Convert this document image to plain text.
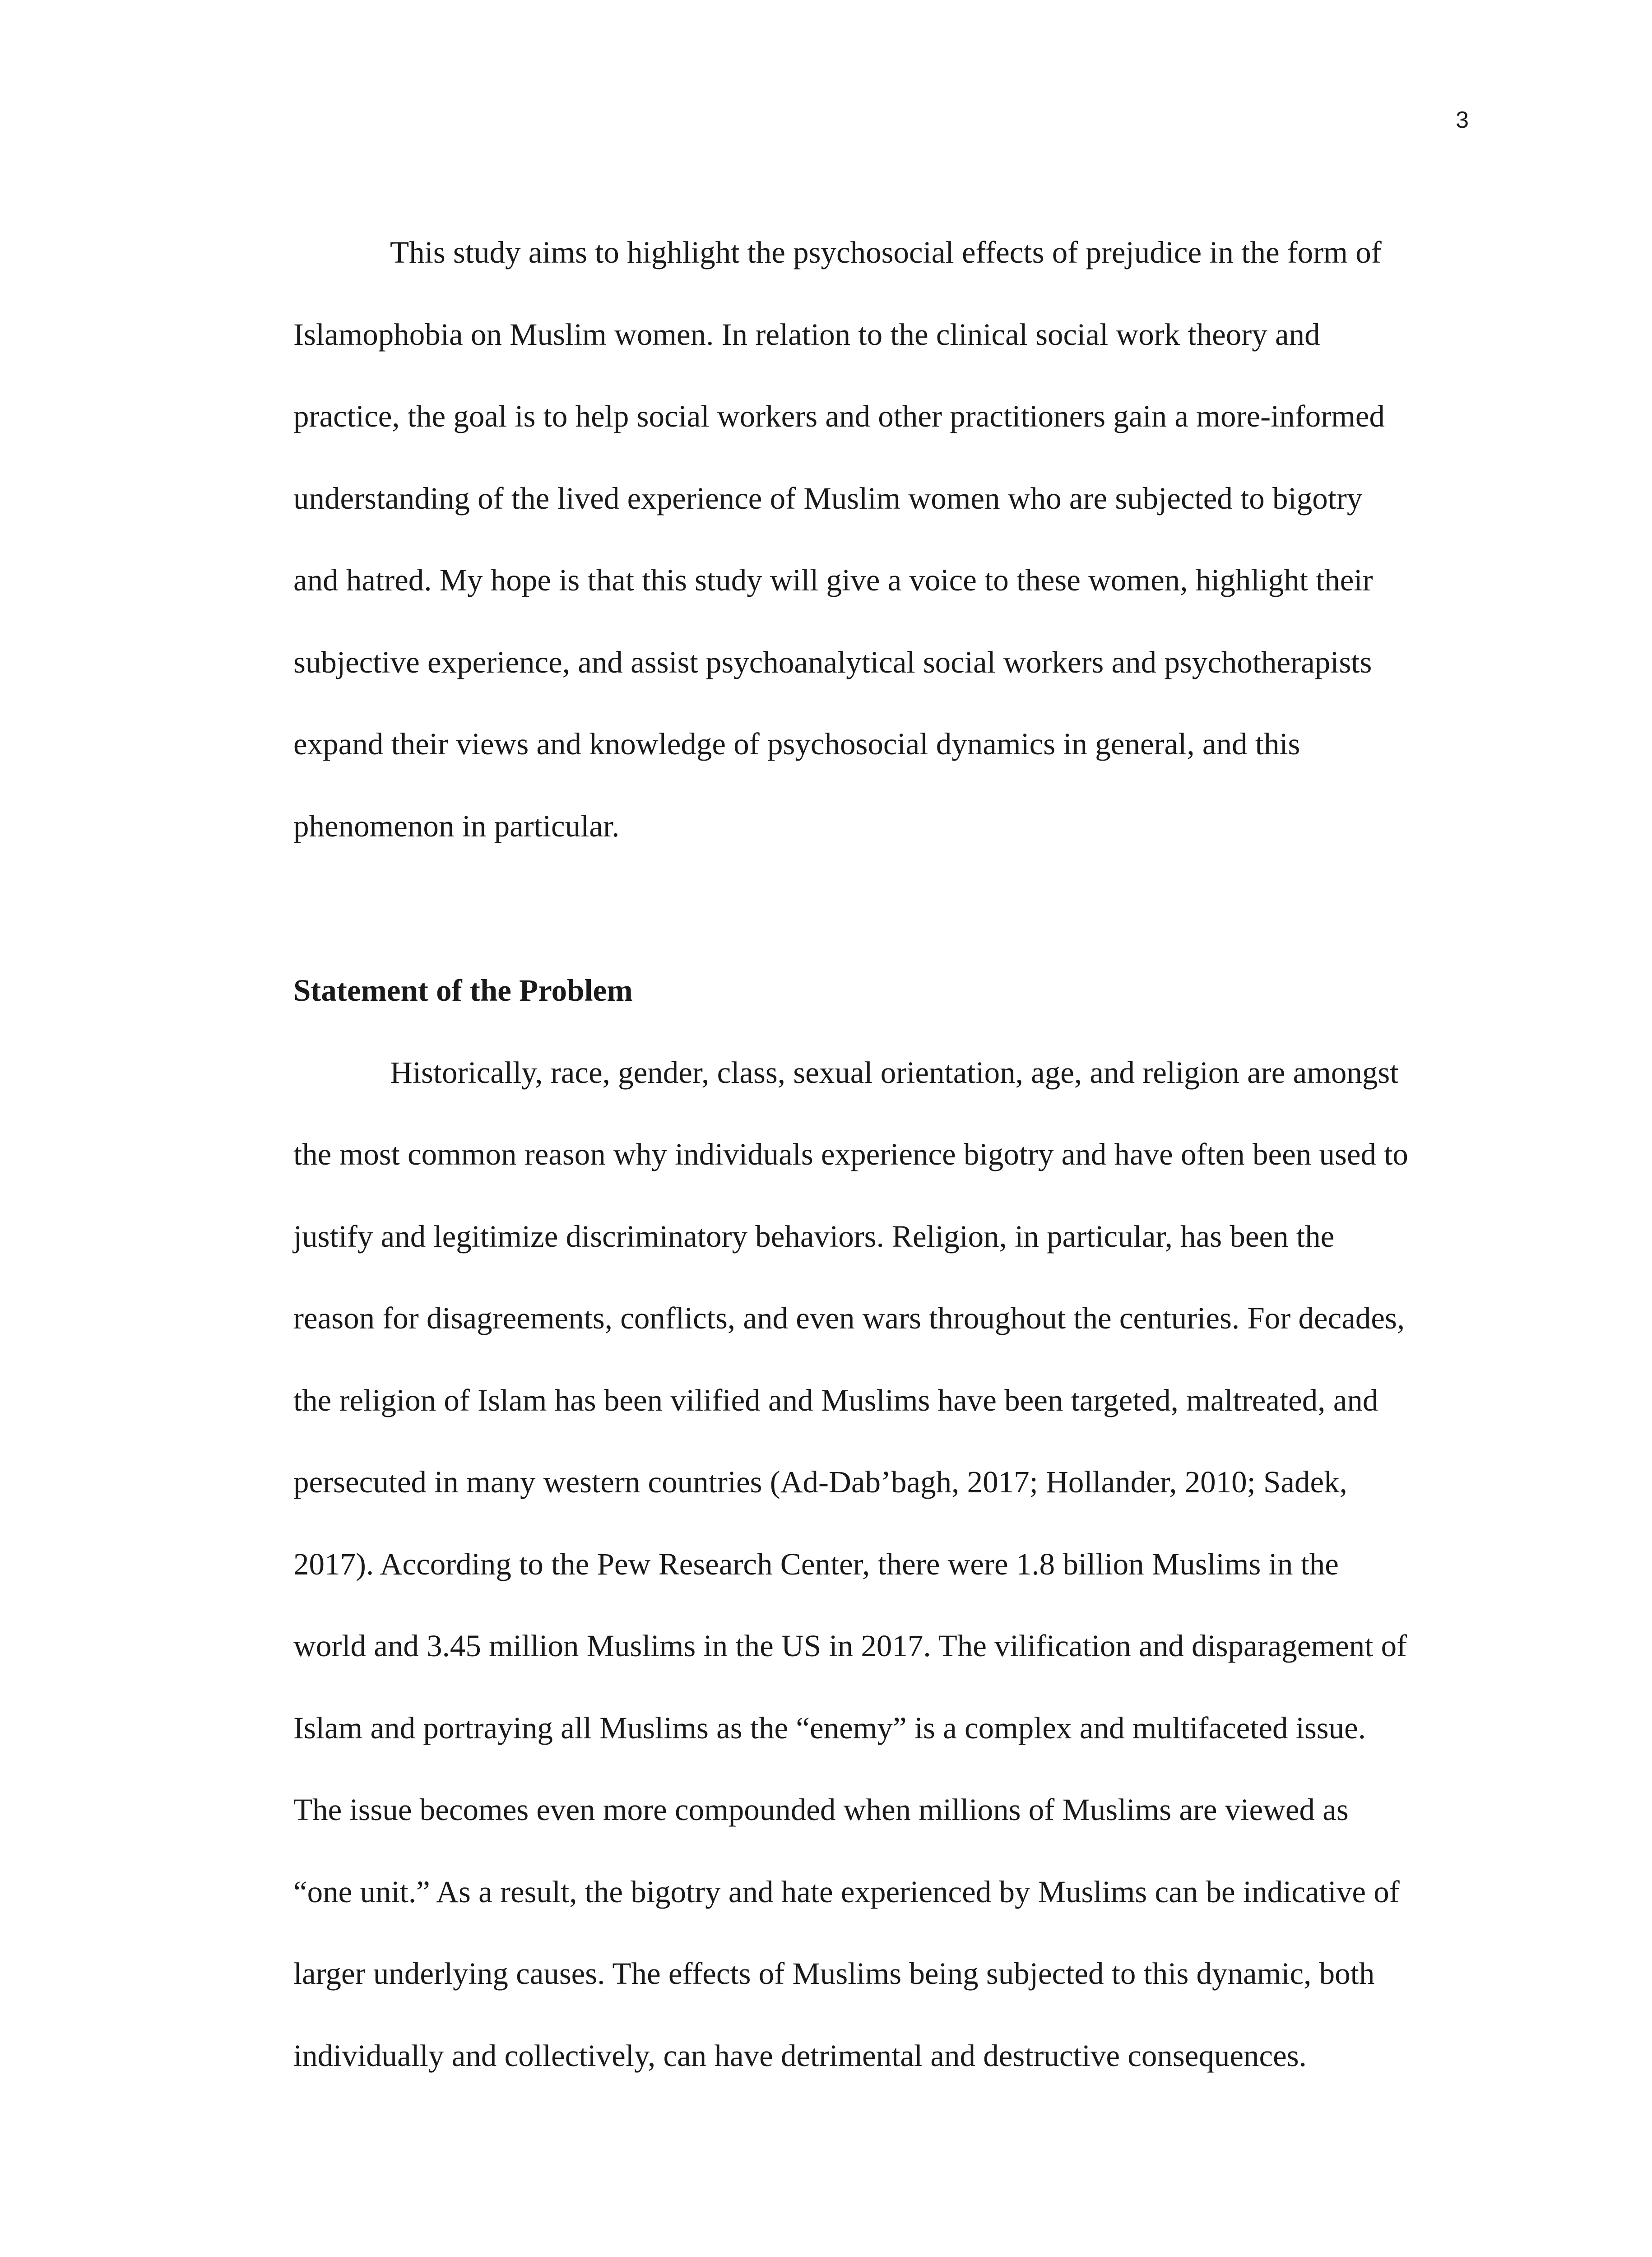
3
This study aims to highlight the psychosocial effects of prejudice in the form of
Islamophobia on Muslim women. In relation to the clinical social work theory and
practice, the goal is to help social workers and other practitioners gain a more-informed
understanding of the lived experience of Muslim women who are subjected to bigotry
and hatred. My hope is that this study will give a voice to these women, highlight their
subjective experience, and assist psychoanalytical social workers and psychotherapists
expand their views and knowledge of psychosocial dynamics in general, and this
phenomenon in particular.
Statement of the Problem
Historically, race, gender, class, sexual orientation, age, and religion are amongst
the most common reason why individuals experience bigotry and have often been used to
justify and legitimize discriminatory behaviors. Religion, in particular, has been the
reason for disagreements, conflicts, and even wars throughout the centuries. For decades,
the religion of Islam has been vilified and Muslims have been targeted, maltreated, and
persecuted in many western countries (Ad-Dab’bagh, 2017; Hollander, 2010; Sadek,
2017). According to the Pew Research Center, there were 1.8 billion Muslims in the
world and 3.45 million Muslims in the US in 2017. The vilification and disparagement of
Islam and portraying all Muslims as the “enemy” is a complex and multifaceted issue.
The issue becomes even more compounded when millions of Muslims are viewed as
“one unit.” As a result, the bigotry and hate experienced by Muslims can be indicative of
larger underlying causes. The effects of Muslims being subjected to this dynamic, both
individually and collectively, can have detrimental and destructive consequences.
